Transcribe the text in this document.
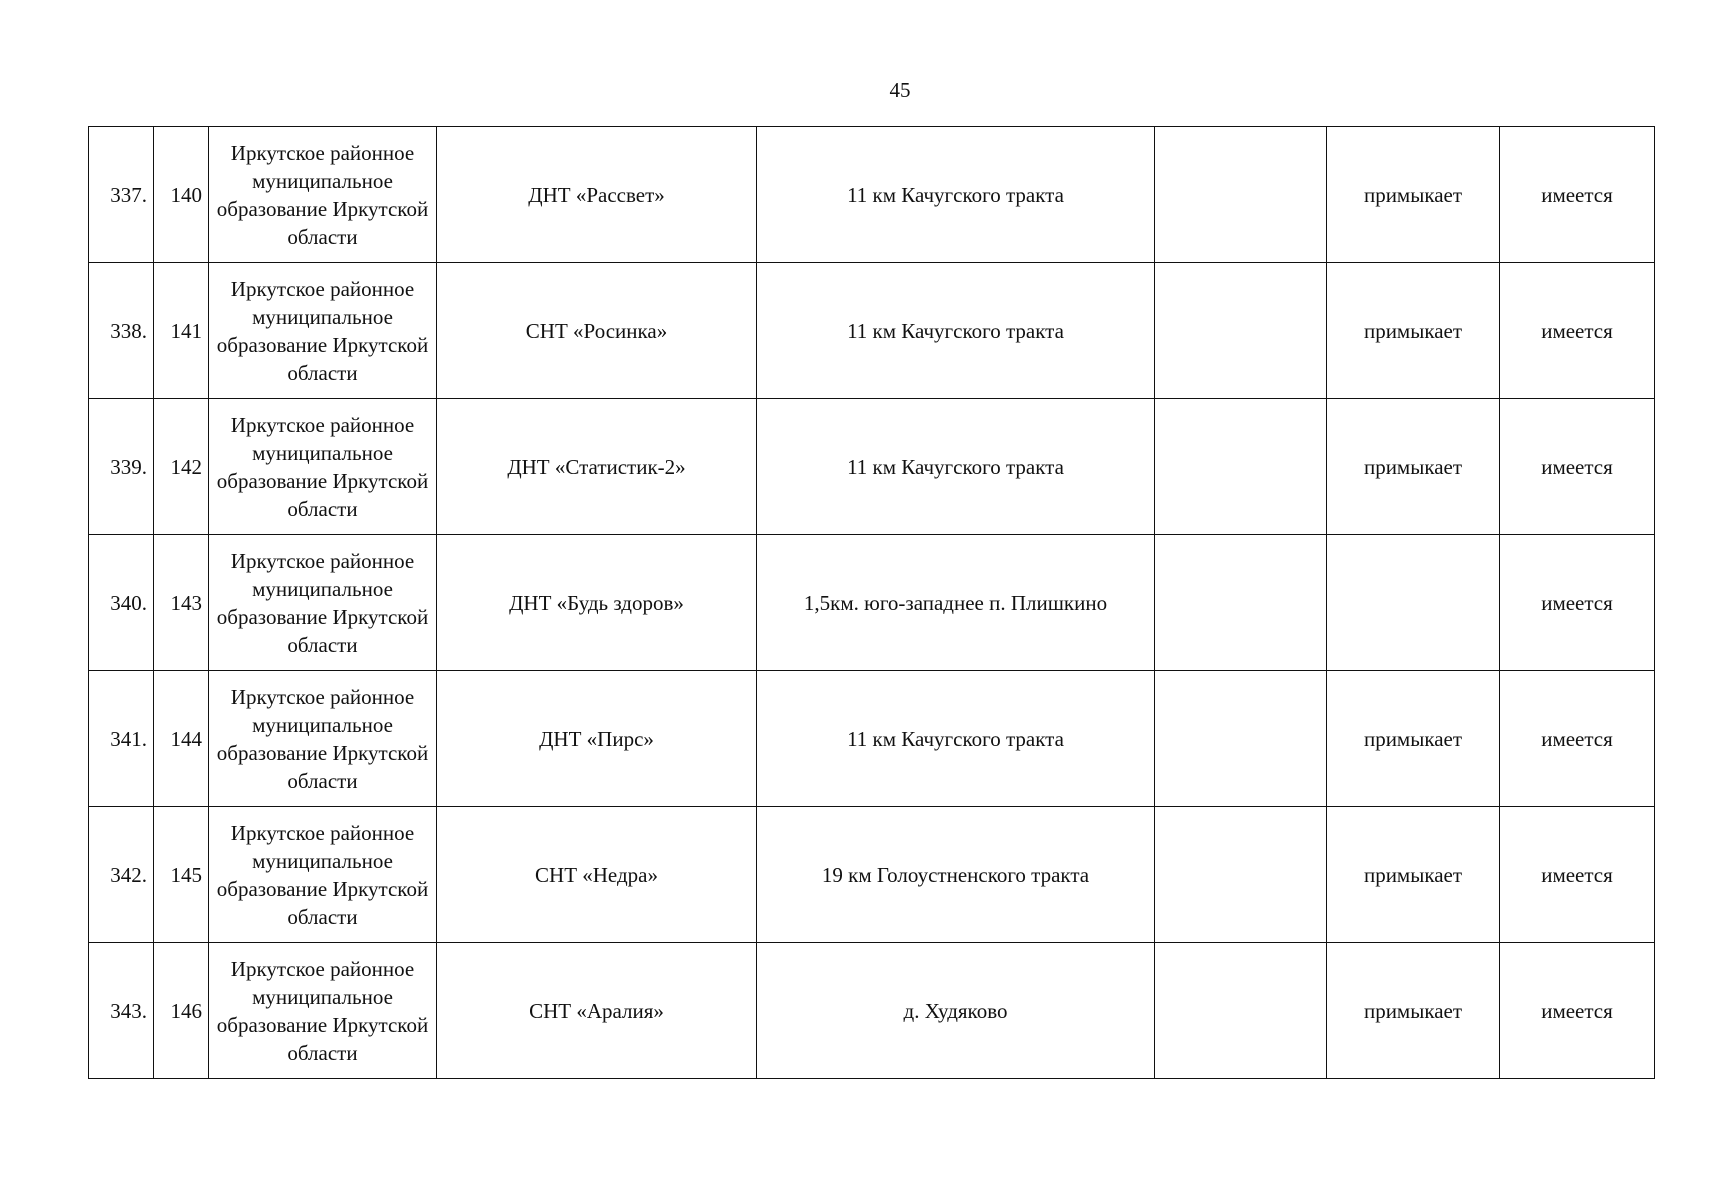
45
337.	140	Иркутское районное муниципальное образование Иркутской области	ДНТ «Рассвет»	11 км Качугского тракта		примыкает	имеется
338.	141	Иркутское районное муниципальное образование Иркутской области	СНТ «Росинка»	11 км Качугского тракта		примыкает	имеется
339.	142	Иркутское районное муниципальное образование Иркутской области	ДНТ «Статистик-2»	11 км Качугского тракта		примыкает	имеется
340.	143	Иркутское районное муниципальное образование Иркутской области	ДНТ «Будь здоров»	1,5км. юго-западнее п. Плишкино			имеется
341.	144	Иркутское районное муниципальное образование Иркутской области	ДНТ «Пирс»	11 км Качугского тракта		примыкает	имеется
342.	145	Иркутское районное муниципальное образование Иркутской области	СНТ «Недра»	19 км Голоустненского тракта		примыкает	имеется
343.	146	Иркутское районное муниципальное образование Иркутской области	СНТ «Аралия»	д. Худяково		примыкает	имеется
